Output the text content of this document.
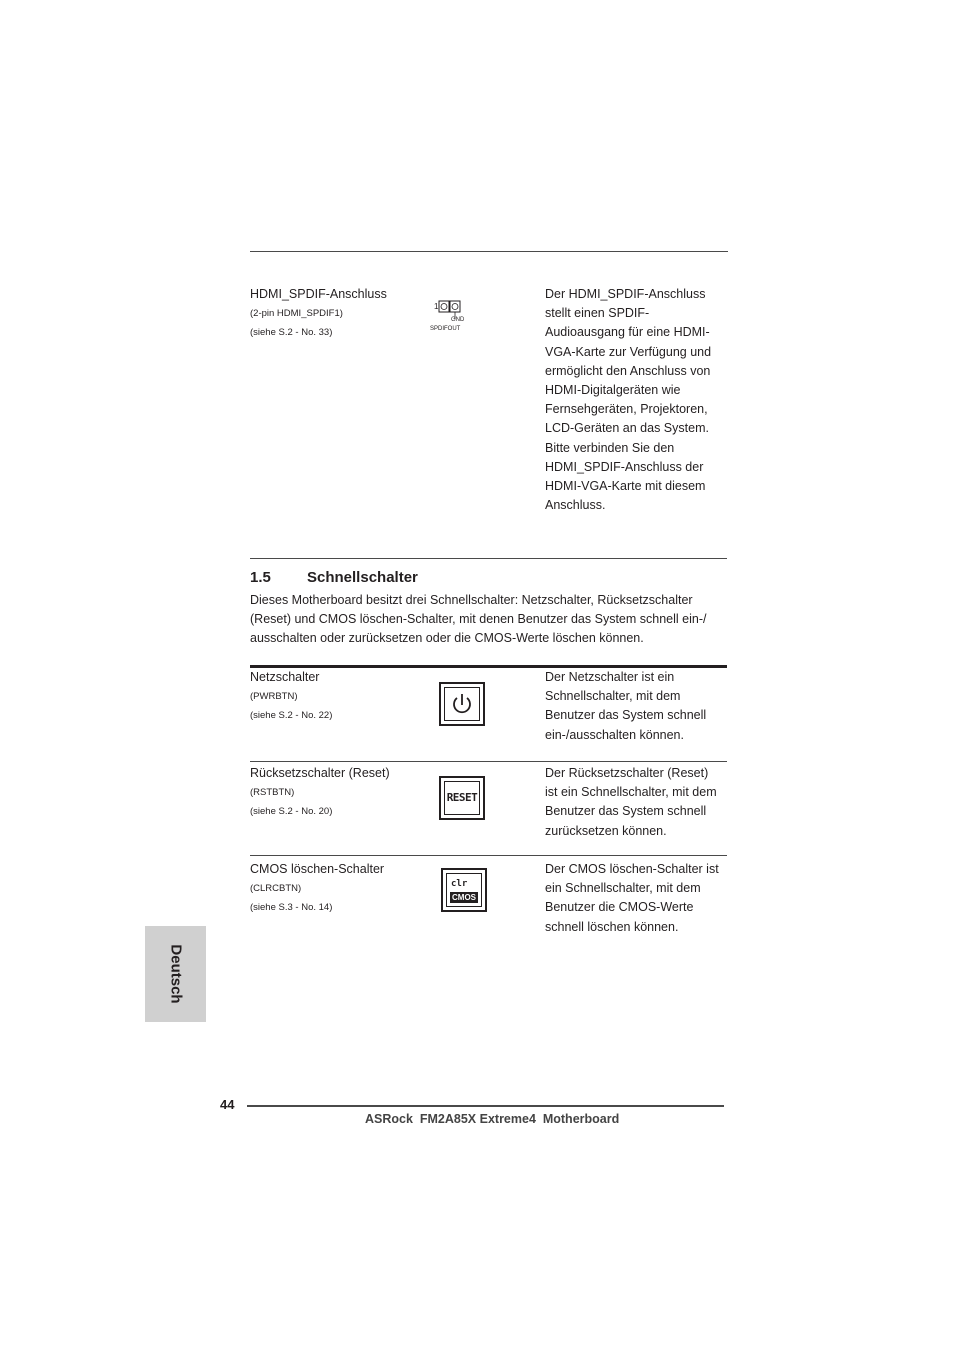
HDMI_SPDIF-Anschluss
(2-pin HDMI_SPDIF1)
(siehe S.2 - No. 33)
1
GND
SPDIFOUT
Der HDMI_SPDIF-Anschluss
stellt einen SPDIF-
Audioausgang für eine HDMI-
VGA-Karte zur Verfügung und
ermöglicht den Anschluss von
HDMI-Digitalgeräten wie
Fernsehgeräten, Projektoren,
LCD-Geräten an das System.
Bitte verbinden Sie den
HDMI_SPDIF-Anschluss der
HDMI-VGA-Karte mit diesem
Anschluss.
1.5 Schnellschalter
Dieses Motherboard besitzt drei Schnellschalter: Netzschalter, Rücksetzschalter
(Reset) und CMOS löschen-Schalter, mit denen Benutzer das System schnell ein-/
ausschalten oder zurücksetzen oder die CMOS-Werte löschen können.
Netzschalter
(PWRBTN)
(siehe S.2 - No. 22)
Der Netzschalter ist ein
Schnellschalter, mit dem
Benutzer das System schnell
ein-/ausschalten können.
Rücksetzschalter (Reset)
(RSTBTN)
(siehe S.2 - No. 20)
RESET
Der Rücksetzschalter (Reset)
ist ein Schnellschalter, mit dem
Benutzer das System schnell
zurücksetzen können.
CMOS löschen-Schalter
(CLRCBTN)
(siehe S.3 - No. 14)
clr
CMOS
Der CMOS löschen-Schalter ist
ein Schnellschalter, mit dem
Benutzer die CMOS-Werte
schnell löschen können.
Deutsch
44
ASRock  FM2A85X Extreme4  Motherboard
